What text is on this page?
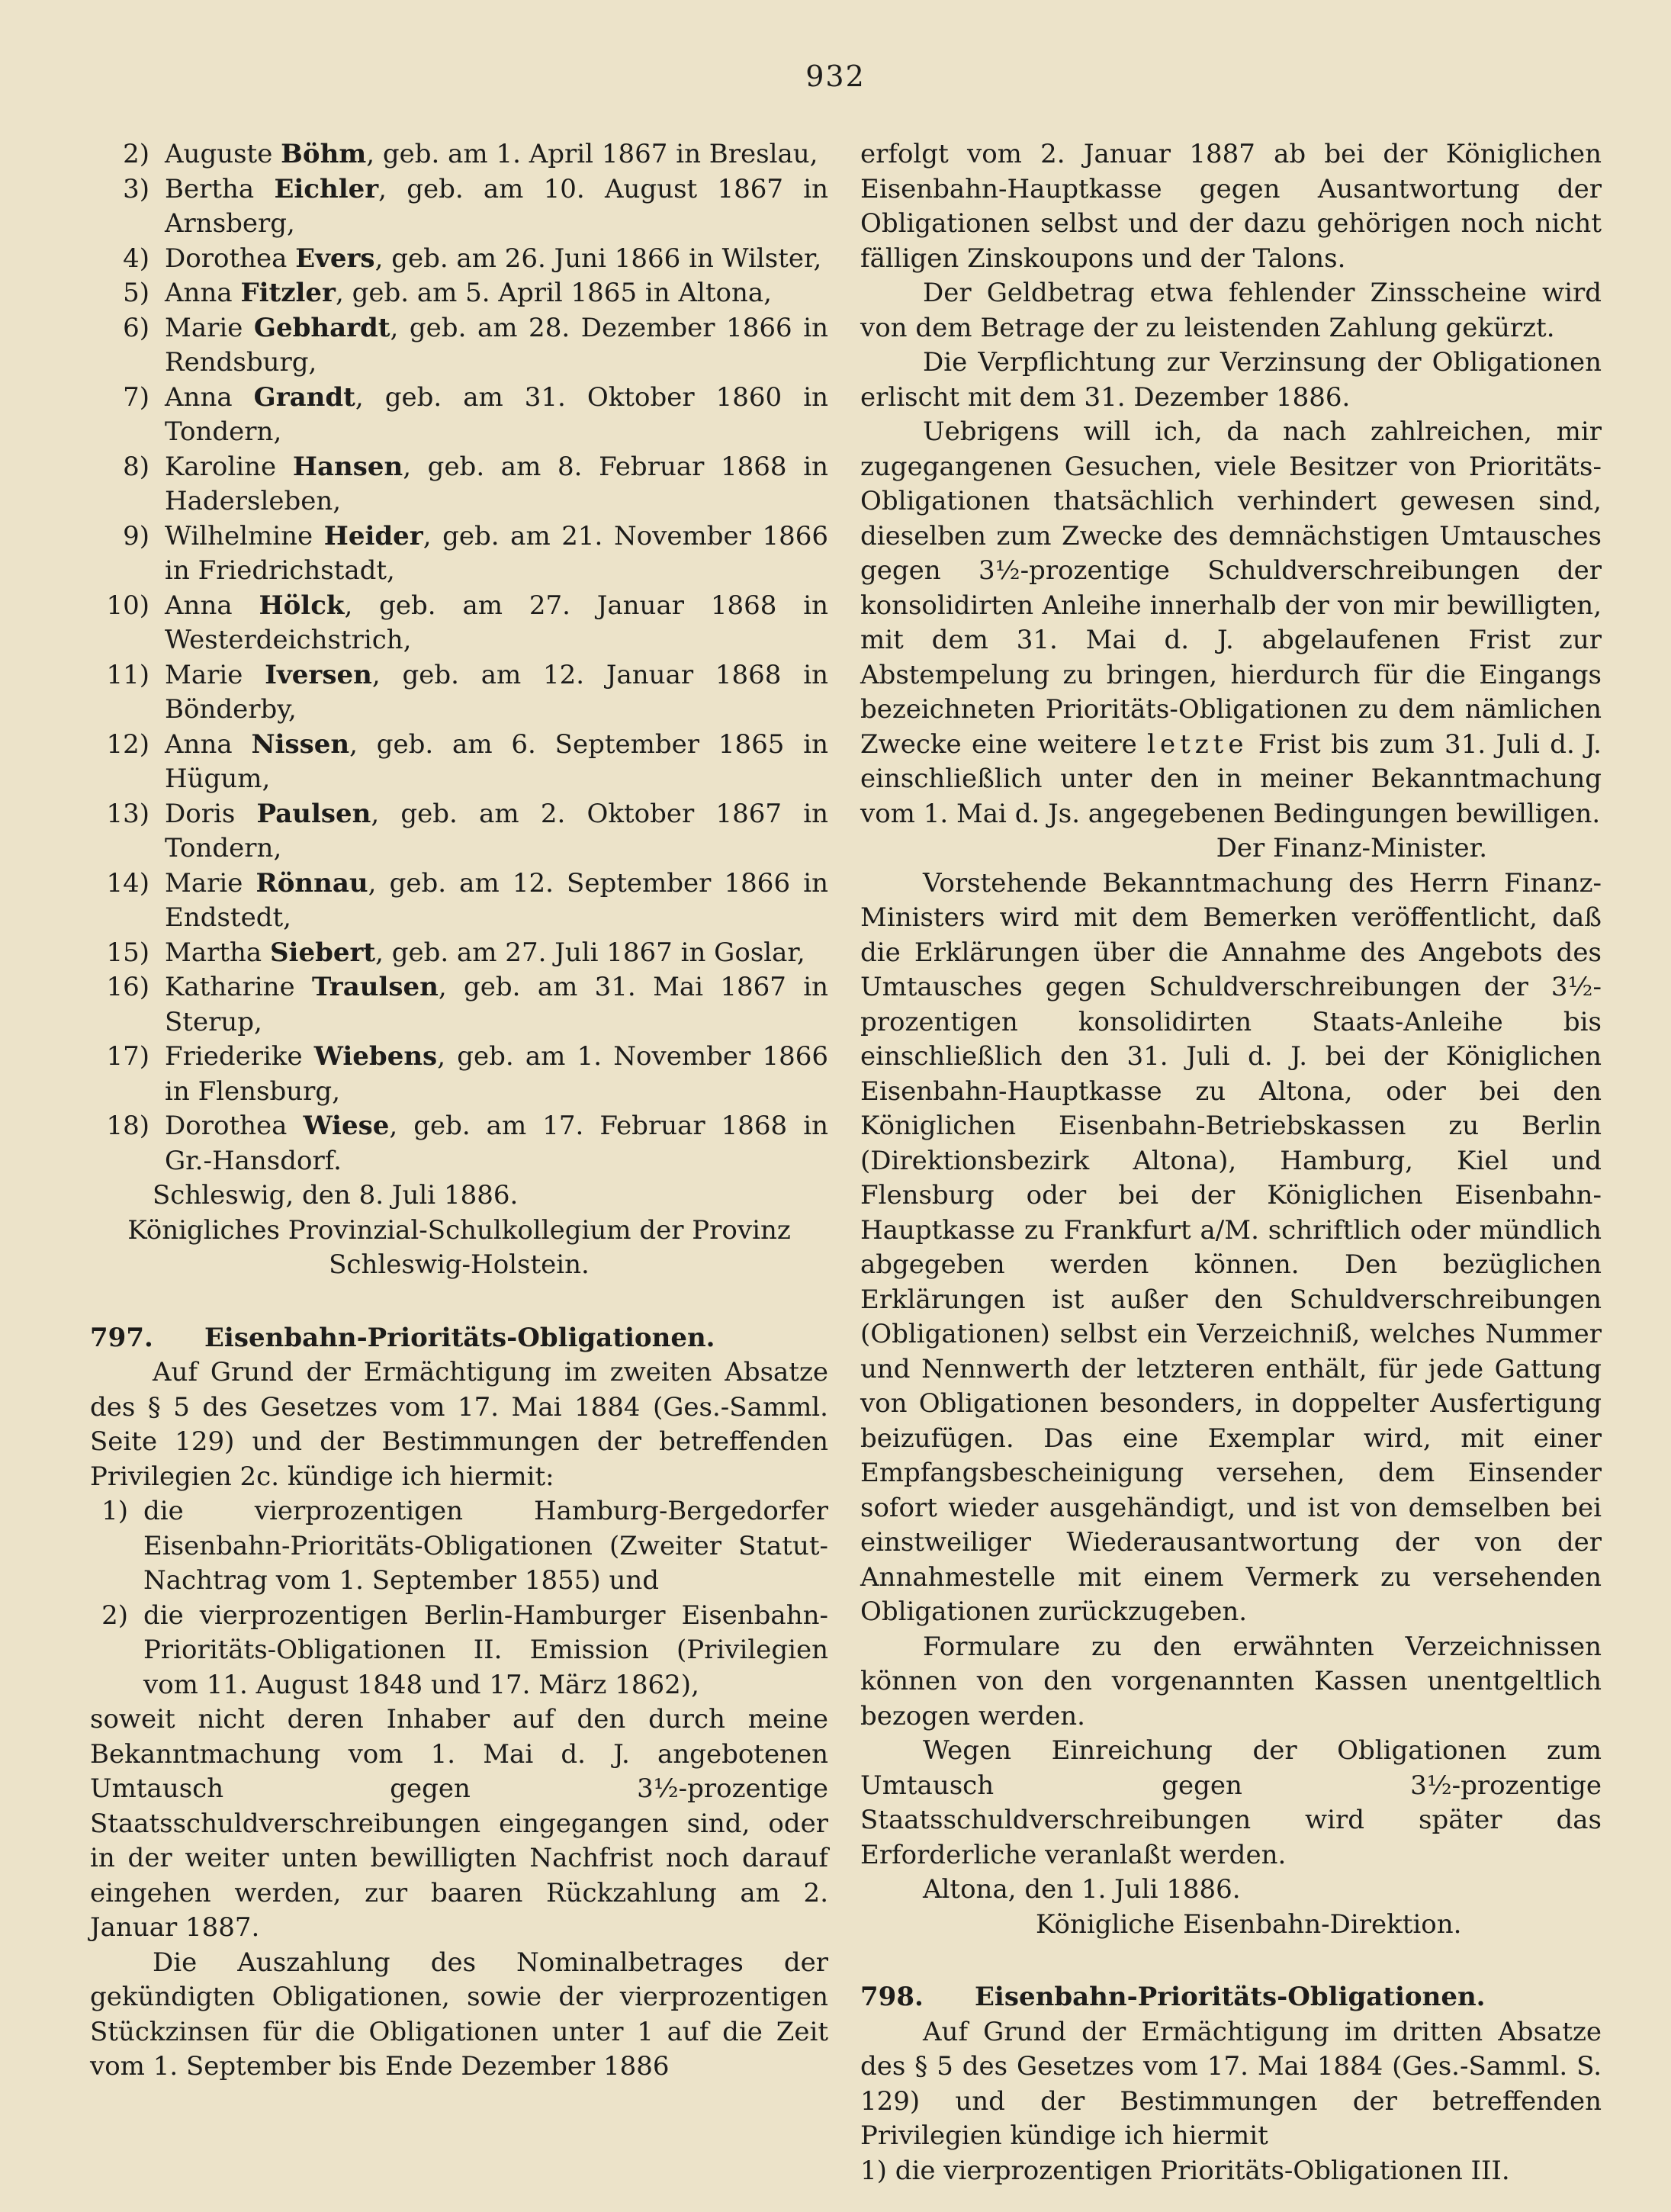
932
2) Auguste Böhm, geb. am 1. April 1867 in Breslau,
3) Bertha Eichler, geb. am 10. August 1867 in Arnsberg,
4) Dorothea Evers, geb. am 26. Juni 1866 in Wilster,
5) Anna Fitzler, geb. am 5. April 1865 in Altona,
6) Marie Gebhardt, geb. am 28. Dezember 1866 in Rendsburg,
7) Anna Grandt, geb. am 31. Oktober 1860 in Tondern,
8) Karoline Hansen, geb. am 8. Februar 1868 in Hadersleben,
9) Wilhelmine Heider, geb. am 21. November 1866 in Friedrichstadt,
10) Anna Hölck, geb. am 27. Januar 1868 in Westerdeichstrich,
11) Marie Iversen, geb. am 12. Januar 1868 in Bönderby,
12) Anna Nissen, geb. am 6. September 1865 in Hügum,
13) Doris Paulsen, geb. am 2. Oktober 1867 in Tondern,
14) Marie Rönnau, geb. am 12. September 1866 in Endstedt,
15) Martha Siebert, geb. am 27. Juli 1867 in Goslar,
16) Katharine Traulsen, geb. am 31. Mai 1867 in Sterup,
17) Friederike Wiebens, geb. am 1. November 1866 in Flensburg,
18) Dorothea Wiese, geb. am 17. Februar 1868 in Gr.-Hansdorf.

Schleswig, den 8. Juli 1886.

Königliches Provinzial-Schulkollegium der Provinz Schleswig-Holstein.

797.	Eisenbahn-Prioritäts-Obligationen.

Auf Grund der Ermächtigung im zweiten Absatze des § 5 des Gesetzes vom 17. Mai 1884 (Ges.-Samml. Seite 129) und der Bestimmungen der betreffenden Privilegien 2c. kündige ich hiermit:

1) die vierprozentigen Hamburg-Bergedorfer Eisenbahn-Prioritäts-Obligationen (Zweiter Statut-Nachtrag vom 1. September 1855) und
2) die vierprozentigen Berlin-Hamburger Eisenbahn-Prioritäts-Obligationen II. Emission (Privilegien vom 11. August 1848 und 17. März 1862),

soweit nicht deren Inhaber auf den durch meine Bekanntmachung vom 1. Mai d. J. angebotenen Umtausch gegen 3½-prozentige Staatsschuldverschreibungen eingegangen sind, oder in der weiter unten bewilligten Nachfrist noch darauf eingehen werden, zur baaren Rückzahlung am 2. Januar 1887.

Die Auszahlung des Nominalbetrages der gekündigten Obligationen, sowie der vierprozentigen Stückzinsen für die Obligationen unter 1 auf die Zeit vom 1. September bis Ende Dezember 1886

erfolgt vom 2. Januar 1887 ab bei der Königlichen Eisenbahn-Hauptkasse gegen Ausantwortung der Obligationen selbst und der dazu gehörigen noch nicht fälligen Zinskoupons und der Talons.

Der Geldbetrag etwa fehlender Zinsscheine wird von dem Betrage der zu leistenden Zahlung gekürzt.

Die Verpflichtung zur Verzinsung der Obligationen erlischt mit dem 31. Dezember 1886.

Uebrigens will ich, da nach zahlreichen, mir zugegangenen Gesuchen, viele Besitzer von Prioritäts-Obligationen thatsächlich verhindert gewesen sind, dieselben zum Zwecke des demnächstigen Umtausches gegen 3½-prozentige Schuldverschreibungen der konsolidirten Anleihe innerhalb der von mir bewilligten, mit dem 31. Mai d. J. abgelaufenen Frist zur Abstempelung zu bringen, hierdurch für die Eingangs bezeichneten Prioritäts-Obligationen zu dem nämlichen Zwecke eine weitere letzte Frist bis zum 31. Juli d. J. einschließlich unter den in meiner Bekanntmachung vom 1. Mai d. Js. angegebenen Bedingungen bewilligen.

Der Finanz-Minister.

Vorstehende Bekanntmachung des Herrn Finanz-Ministers wird mit dem Bemerken veröffentlicht, daß die Erklärungen über die Annahme des Angebots des Umtausches gegen Schuldverschreibungen der 3½-prozentigen konsolidirten Staats-Anleihe bis einschließlich den 31. Juli d. J. bei der Königlichen Eisenbahn-Hauptkasse zu Altona, oder bei den Königlichen Eisenbahn-Betriebskassen zu Berlin (Direktionsbezirk Altona), Hamburg, Kiel und Flensburg oder bei der Königlichen Eisenbahn-Hauptkasse zu Frankfurt a/M. schriftlich oder mündlich abgegeben werden können. Den bezüglichen Erklärungen ist außer den Schuldverschreibungen (Obligationen) selbst ein Verzeichniß, welches Nummer und Nennwerth der letzteren enthält, für jede Gattung von Obligationen besonders, in doppelter Ausfertigung beizufügen. Das eine Exemplar wird, mit einer Empfangsbescheinigung versehen, dem Einsender sofort wieder ausgehändigt, und ist von demselben bei einstweiliger Wiederausantwortung der von der Annahmestelle mit einem Vermerk zu versehenden Obligationen zurückzugeben.

Formulare zu den erwähnten Verzeichnissen können von den vorgenannten Kassen unentgeltlich bezogen werden.

Wegen Einreichung der Obligationen zum Umtausch gegen 3½-prozentige Staatsschuldverschreibungen wird später das Erforderliche veranlaßt werden.

Altona, den 1. Juli 1886.

Königliche Eisenbahn-Direktion.

798.	Eisenbahn-Prioritäts-Obligationen.

Auf Grund der Ermächtigung im dritten Absatze des § 5 des Gesetzes vom 17. Mai 1884 (Ges.-Samml. S. 129) und der Bestimmungen der betreffenden Privilegien kündige ich hiermit

1) die vierprozentigen Prioritäts-Obligationen III.
